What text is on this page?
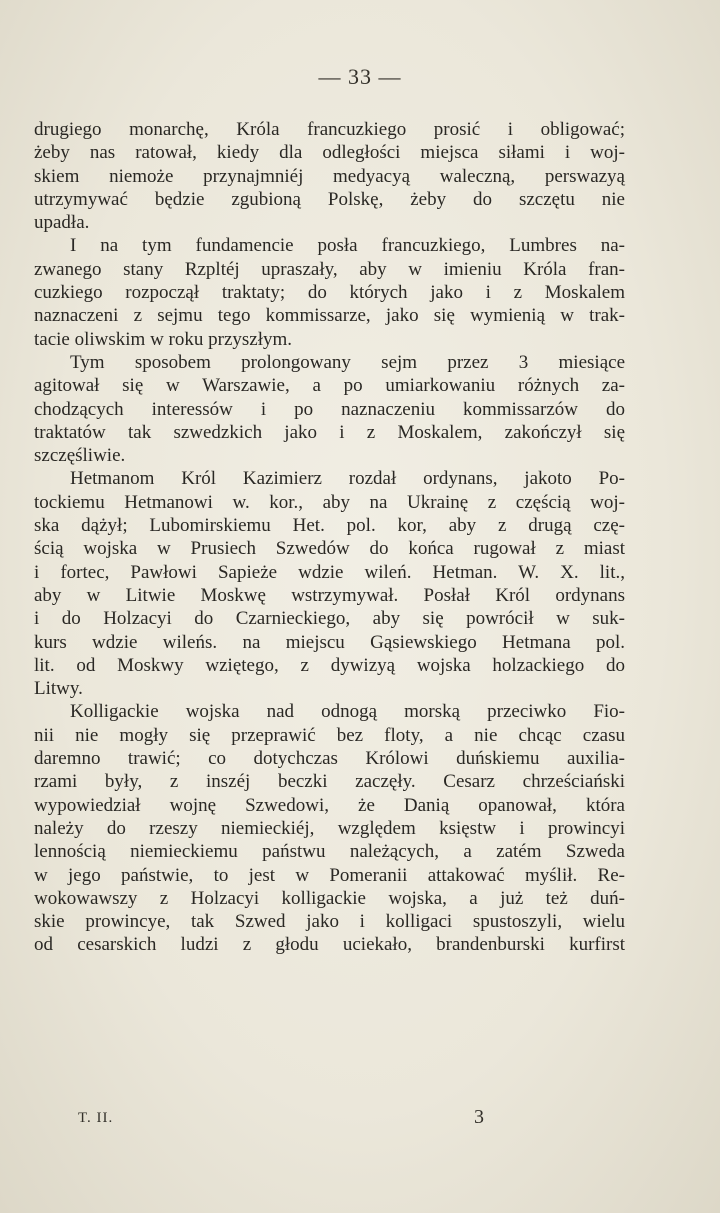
— 33 —
drugiego monarchę, Króla francuzkiego prosić i obligować;
żeby nas ratował, kiedy dla odległości miejsca siłami i woj-
skiem niemoże przynajmniéj medyacyą waleczną, perswazyą
utrzymywać będzie zgubioną Polskę, żeby do szczętu nie
upadła.
I na tym fundamencie posła francuzkiego, Lumbres na-
zwanego stany Rzpltéj upraszały, aby w imieniu Króla fran-
cuzkiego rozpoczął traktaty; do których jako i z Moskalem
naznaczeni z sejmu tego kommissarze, jako się wymienią w trak-
tacie oliwskim w roku przyszłym.
Tym sposobem prolongowany sejm przez 3 miesiące
agitował się w Warszawie, a po umiarkowaniu różnych za-
chodzących interessów i po naznaczeniu kommissarzów do
traktatów tak szwedzkich jako i z Moskalem, zakończył się
szczęśliwie.
Hetmanom Król Kazimierz rozdał ordynans, jakoto Po-
tockiemu Hetmanowi w. kor., aby na Ukrainę z częścią woj-
ska dążył; Lubomirskiemu Het. pol. kor, aby z drugą czę-
ścią wojska w Prusiech Szwedów do końca rugował z miast
i fortec, Pawłowi Sapieże wdzie wileń. Hetman. W. X. lit.,
aby w Litwie Moskwę wstrzymywał. Posłał Król ordynans
i do Holzacyi do Czarnieckiego, aby się powrócił w suk-
kurs wdzie wileńs. na miejscu Gąsiewskiego Hetmana pol.
lit. od Moskwy wziętego, z dywizyą wojska holzackiego do
Litwy.
Kolligackie wojska nad odnogą morską przeciwko Fio-
nii nie mogły się przeprawić bez floty, a nie chcąc czasu
daremno trawić; co dotychczas Królowi duńskiemu auxilia-
rzami były, z inszéj beczki zaczęły. Cesarz chrześciański
wypowiedział wojnę Szwedowi, że Danią opanował, która
należy do rzeszy niemieckiéj, względem księstw i prowincyi
lennością niemieckiemu państwu należących, a zatém Szweda
w jego państwie, to jest w Pomeranii attakować myślił. Re-
wokowawszy z Holzacyi kolligackie wojska, a już też duń-
skie prowincye, tak Szwed jako i kolligaci spustoszyli, wielu
od cesarskich ludzi z głodu uciekało, brandenburski kurfirst
T. II.	3
